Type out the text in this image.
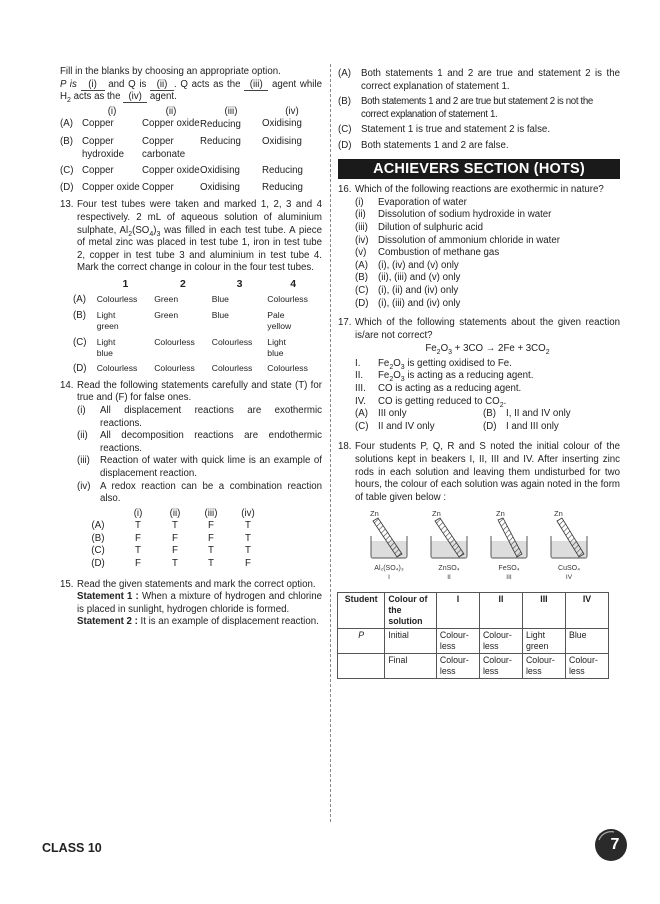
Fill in the blanks by choosing an appropriate option.

P is (i) and Q is (ii) . Q acts as the (iii) agent while $H_2$ acts as the (iv) agent.

	(i)	(ii)	(iii)	(iv)
(A)	Copper	Copper oxide	Reducing	Oxidising
(B)	Copper hydroxide	Copper carbonate	Reducing	Oxidising
(C)	Copper	Copper oxide	Oxidising	Reducing
(D)	Copper oxide	Copper	Oxidising	Reducing
13. Four test tubes were taken and marked 1, 2, 3 and 4 respectively. 2 mL of aqueous solution of aluminium sulphate, $Al_2(SO_4)_3$ was filled in each test tube. A piece of metal zinc was placed in test tube 1, iron in test tube 2, copper in test tube 3 and aluminium in test tube 4. Mark the correct change in colour in the four test tubes.

	1	2	3	4
(A)	Colourless	Green	Blue	Colourless
(B)	Light green	Green	Blue	Pale yellow
(C)	Light blue	Colourless	Colourless	Light blue
(D)	Colourless	Colourless	Colourless	Colourless
14. Read the following statements carefully and state (T) for true and (F) for false ones.

(i)	All displacement reactions are exothermic reactions.
(ii)	All decomposition reactions are endothermic reactions.
(iii)	Reaction of water with quick lime is an example of displacement reaction.
(iv) A redox reaction can be a combination reaction also.
	(i)	(ii)	(iii)	(iv)
(A)	T	T	F	T
(B)	F	F	F	T
(C)	T	F	T	T
(D)	F	T	T	F
15. Read the given statements and mark the correct option.

Statement 1 : When a mixture of hydrogen and chlorine is placed in sunlight, hydrogen chloride is formed.

Statement 2 : It is an example of displacement reaction.

(A)	Both statements 1 and 2 are true and statement 2 is the correct explanation of statement 1.
(B)	Both statements 1 and 2 are true but statement 2 is not the correct explanation of statement 1.
(C) Statement 1 is true and statement 2 is false.
(D) Both statements 1 and 2 are false.
ACHIEVERS SECTION (HOTS)
16. Which of the following reactions are exothermic in nature?

(i)	Evaporation of water
(ii)	Dissolution of sodium hydroxide in water
(iii)	Dilution of sulphuric acid
(iv) Dissolution of ammonium chloride in water
(v)	Combustion of methane gas
(A)	(i), (iv) and (v) only
(B)	(ii), (iii) and (v) only
(C) (i), (ii) and (iv) only
(D) (i), (iii) and (iv) only
17. Which of the following statements about the given reaction is/are not correct?

$Fe_2O_3 + 3CO \to 2Fe + 3CO_2$

I.	$Fe_2O_3$ is getting oxidised to Fe.
II.	$Fe_2O_3$ is acting as a reducing agent.
III.	CO is acting as a reducing agent.
IV.	CO is getting reduced to $CO_2$.
(A)	III only	(B)	I, II and IV only
(C) II and IV only	(D) I and III only
18. Four students P, Q, R and S noted the initial colour of the solutions kept in beakers I, II, III and IV. After inserting zinc rods in each solution and leaving them undisturbed for two hours, the colour of each solution was again noted in the form of table given below :

Zn
Al₂(SO₄)₃
I
Zn
ZnSO₄
II
Zn
FeSO₄
III
Zn
CuSO₄
IV
Student	Colour of the solution	I	II	III	IV
P	Initial	Colour-less	Colour-less	Light green	Blue
	Final	Colour-less	Colour-less	Colour-less	Colour-less
CLASS 10	7
